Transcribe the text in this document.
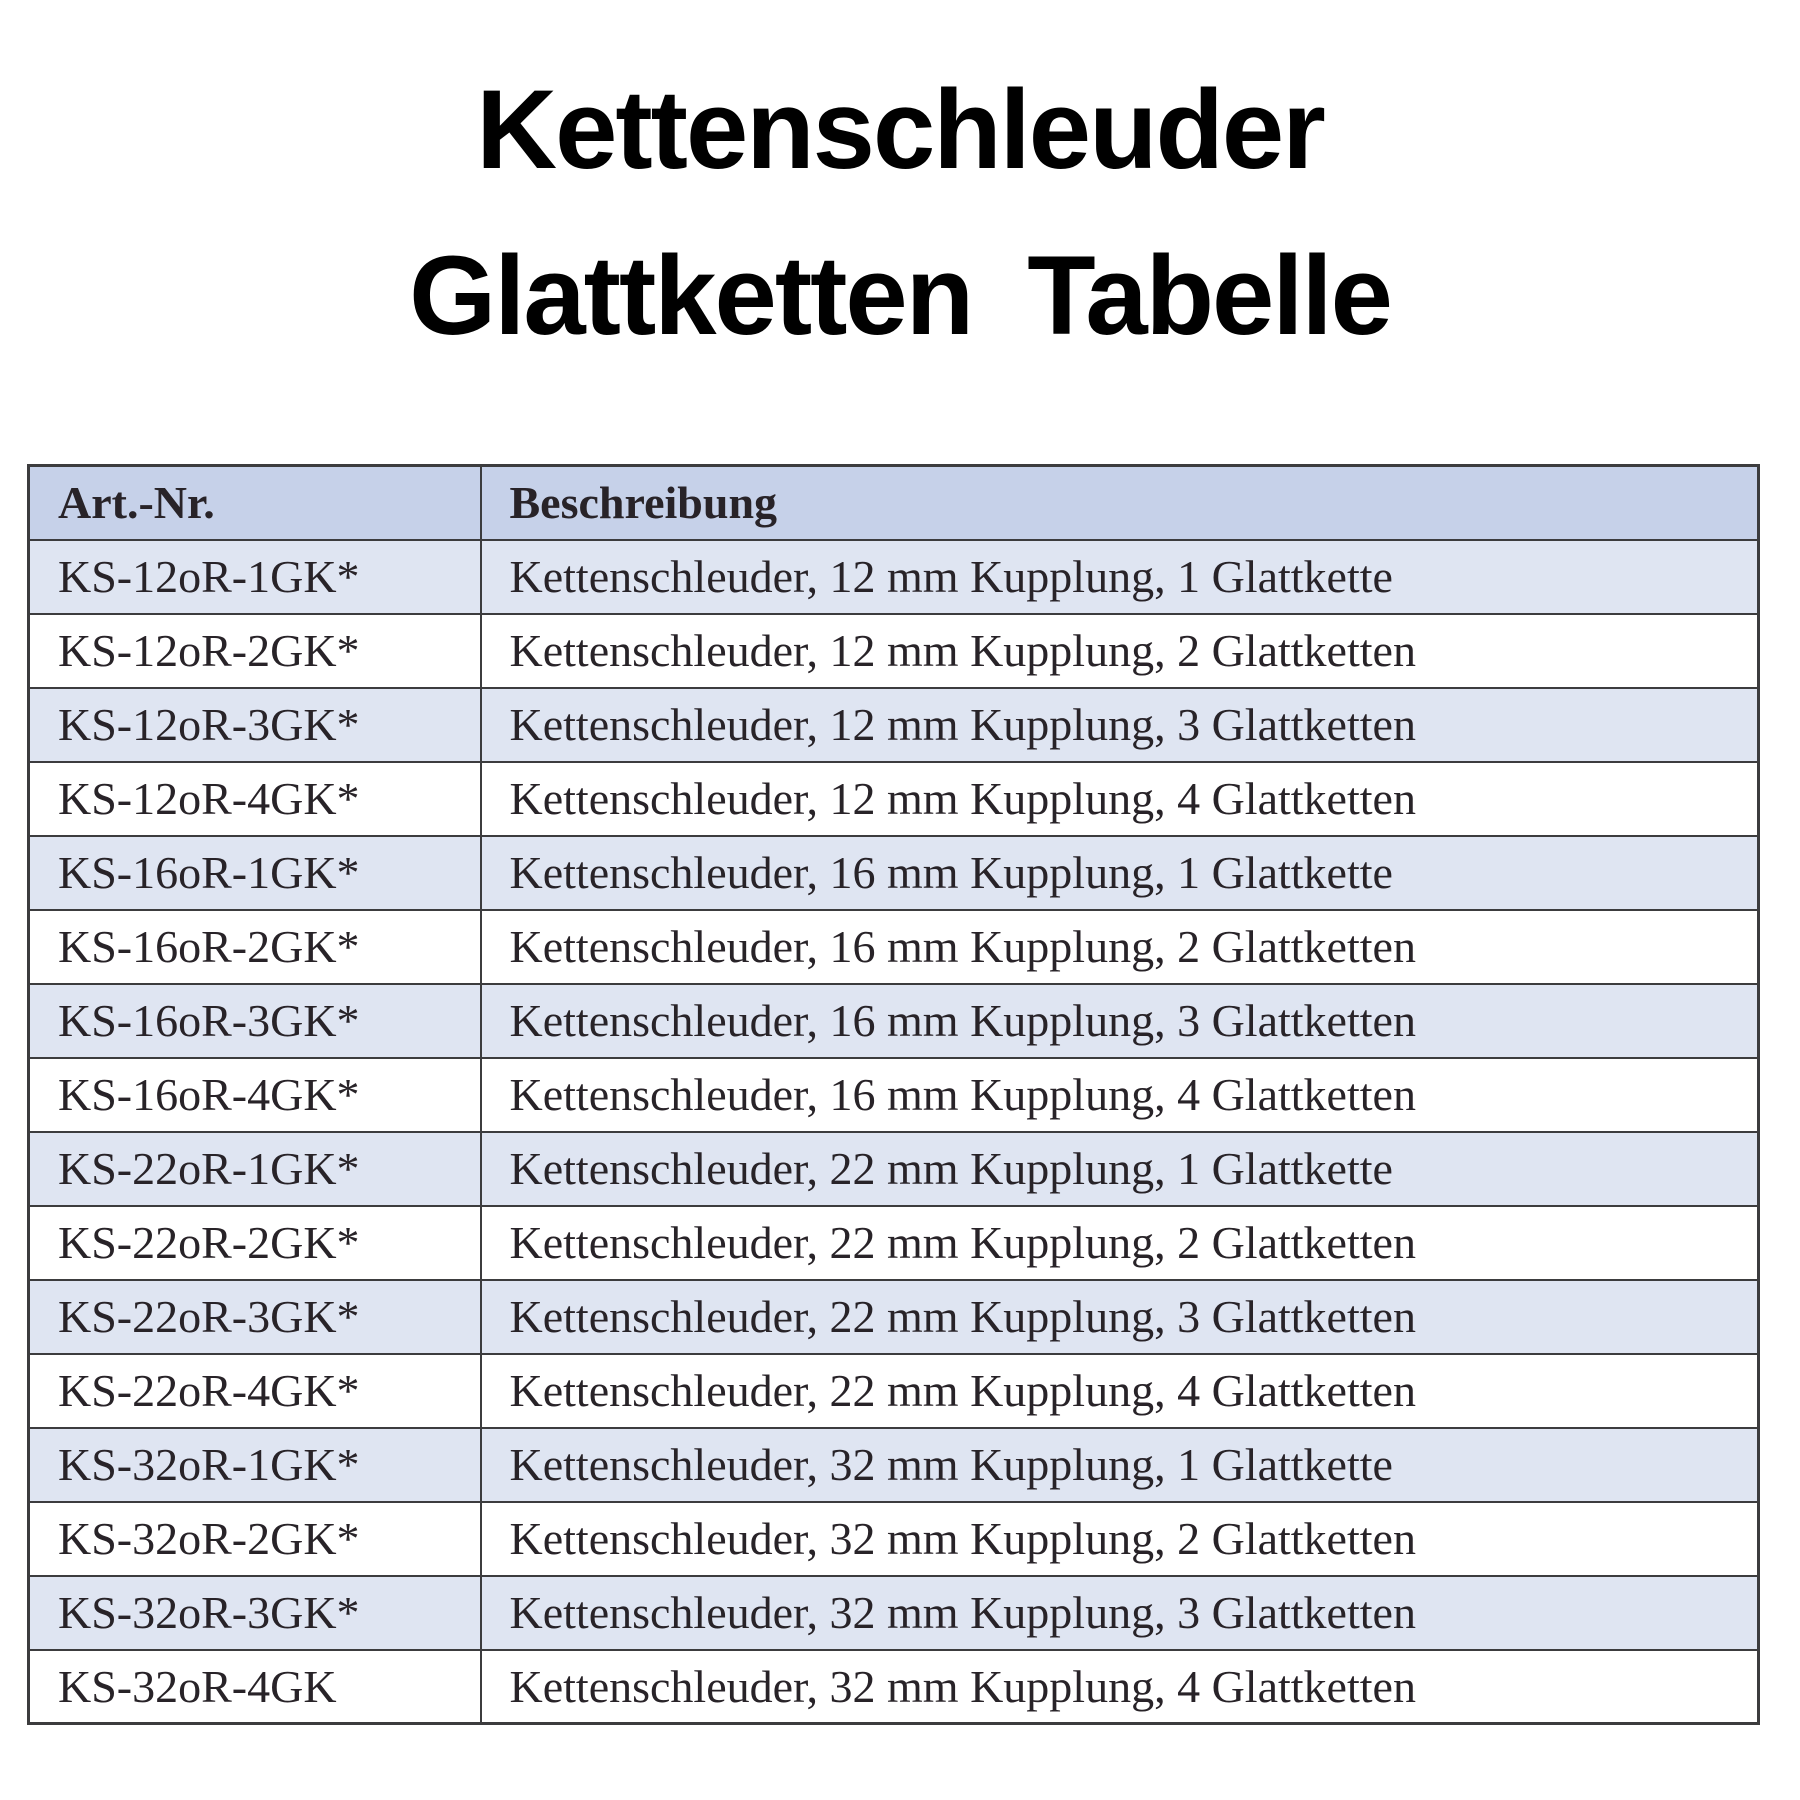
Kettenschleuder
Glattketten Tabelle
Art.-Nr.	Beschreibung
KS-12oR-1GK*	Kettenschleuder, 12 mm Kupplung, 1 Glattkette
KS-12oR-2GK*	Kettenschleuder, 12 mm Kupplung, 2 Glattketten
KS-12oR-3GK*	Kettenschleuder, 12 mm Kupplung, 3 Glattketten
KS-12oR-4GK*	Kettenschleuder, 12 mm Kupplung, 4 Glattketten
KS-16oR-1GK*	Kettenschleuder, 16 mm Kupplung, 1 Glattkette
KS-16oR-2GK*	Kettenschleuder, 16 mm Kupplung, 2 Glattketten
KS-16oR-3GK*	Kettenschleuder, 16 mm Kupplung, 3 Glattketten
KS-16oR-4GK*	Kettenschleuder, 16 mm Kupplung, 4 Glattketten
KS-22oR-1GK*	Kettenschleuder, 22 mm Kupplung, 1 Glattkette
KS-22oR-2GK*	Kettenschleuder, 22 mm Kupplung, 2 Glattketten
KS-22oR-3GK*	Kettenschleuder, 22 mm Kupplung, 3 Glattketten
KS-22oR-4GK*	Kettenschleuder, 22 mm Kupplung, 4 Glattketten
KS-32oR-1GK*	Kettenschleuder, 32 mm Kupplung, 1 Glattkette
KS-32oR-2GK*	Kettenschleuder, 32 mm Kupplung, 2 Glattketten
KS-32oR-3GK*	Kettenschleuder, 32 mm Kupplung, 3 Glattketten
KS-32oR-4GK	Kettenschleuder, 32 mm Kupplung, 4 Glattketten
